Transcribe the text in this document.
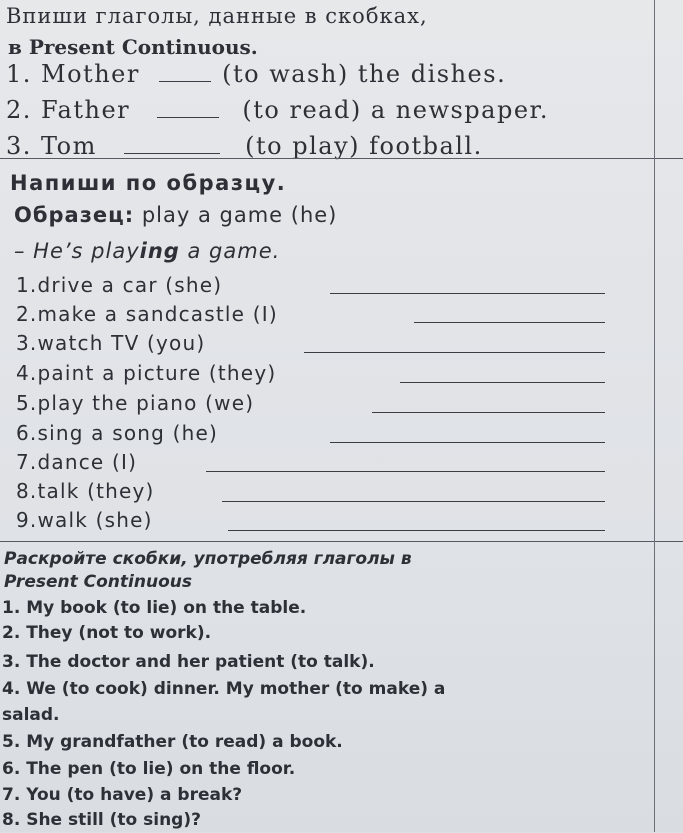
Впиши глаголы, данные в скобках,
в Present Continuous.
1. Mother	(to wash) the dishes.
2. Father	(to read) a newspaper.
3. Tom	(to play) football.
Напиши по образцу.
Образец: play a game (he)
– He’s playing a game.
1.drive a car (she)
2.make a sandcastle (I)
3.watch TV (you)
4.paint a picture (they)
5.play the piano (we)
6.sing a song (he)
7.dance (I)
8.talk (they)
9.walk (she)
Раскройте скобки, употребляя глаголы в
Present Continuous
1. My book (to lie) on the table.
2. They (not to work).
3. The doctor and her patient (to talk).
4. We (to cook) dinner. My mother (to make) a
salad.
5. My grandfather (to read) a book.
6. The pen (to lie) on the floor.
7. You (to have) a break?
8. She still (to sing)?
